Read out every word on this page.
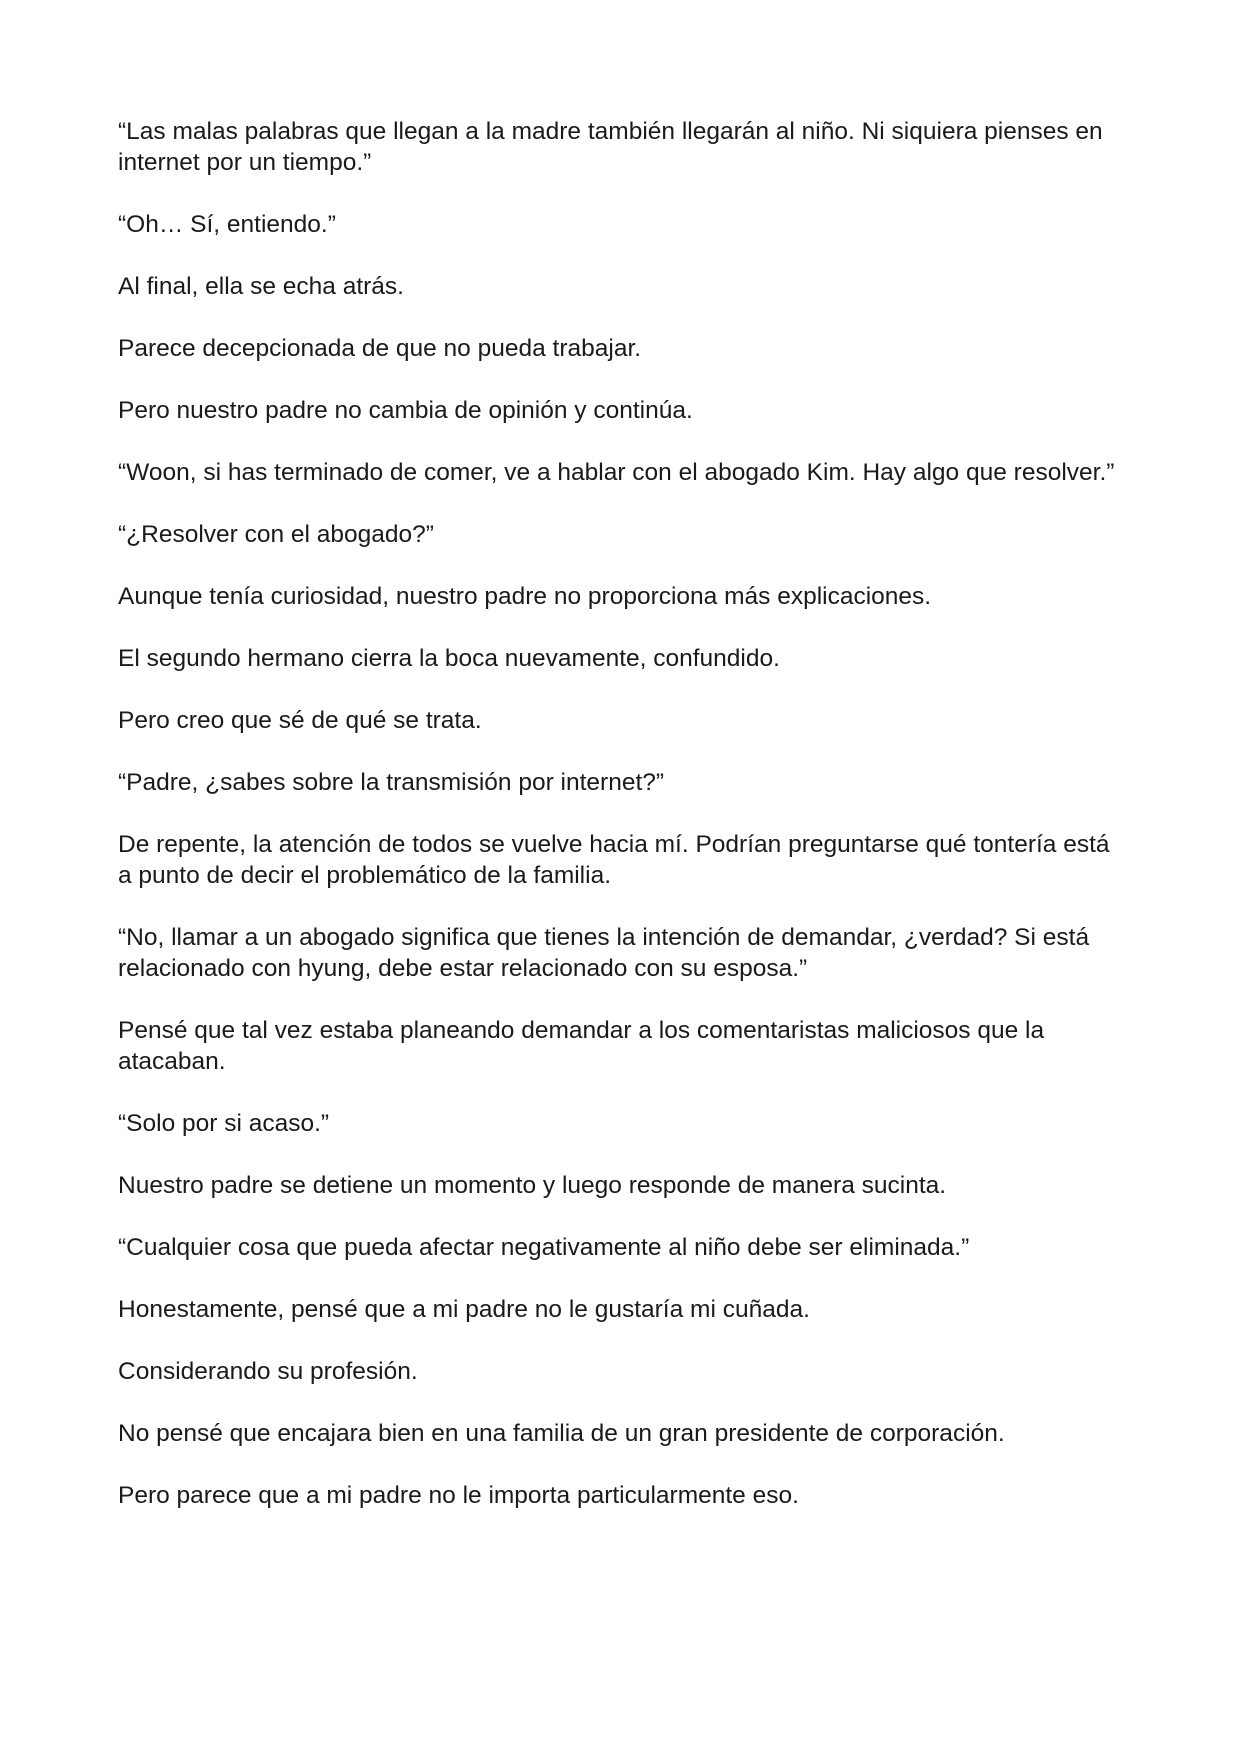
“Las malas palabras que llegan a la madre también llegarán al niño. Ni siquiera pienses en internet por un tiempo.”

“Oh… Sí, entiendo.”

Al final, ella se echa atrás.

Parece decepcionada de que no pueda trabajar.

Pero nuestro padre no cambia de opinión y continúa.

“Woon, si has terminado de comer, ve a hablar con el abogado Kim. Hay algo que resolver.”

“¿Resolver con el abogado?”

Aunque tenía curiosidad, nuestro padre no proporciona más explicaciones.

El segundo hermano cierra la boca nuevamente, confundido.

Pero creo que sé de qué se trata.

“Padre, ¿sabes sobre la transmisión por internet?”

De repente, la atención de todos se vuelve hacia mí. Podrían preguntarse qué tontería está a punto de decir el problemático de la familia.

“No, llamar a un abogado significa que tienes la intención de demandar, ¿verdad? Si está relacionado con hyung, debe estar relacionado con su esposa.”

Pensé que tal vez estaba planeando demandar a los comentaristas maliciosos que la atacaban.

“Solo por si acaso.”

Nuestro padre se detiene un momento y luego responde de manera sucinta.

“Cualquier cosa que pueda afectar negativamente al niño debe ser eliminada.”

Honestamente, pensé que a mi padre no le gustaría mi cuñada.

Considerando su profesión.

No pensé que encajara bien en una familia de un gran presidente de corporación.

Pero parece que a mi padre no le importa particularmente eso.
